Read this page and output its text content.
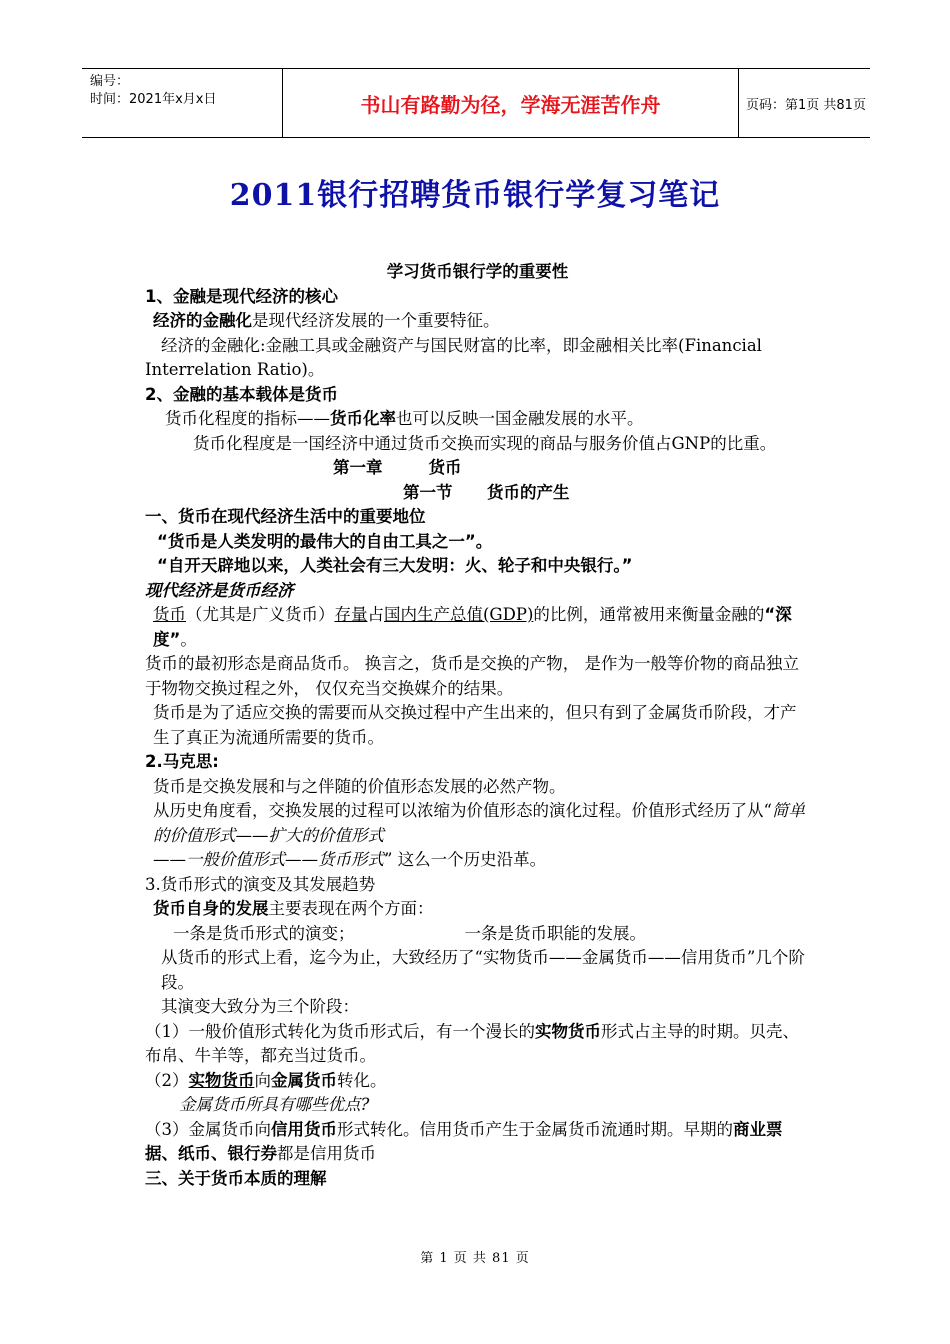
编号：
时间：2021年x月x日	书山有路勤为径，学海无涯苦作舟	页码：第1页 共81页
2011银行招聘货币银行学复习笔记

学习货币银行学的重要性

1、金融是现代经济的核心

经济的金融化是现代经济发展的一个重要特征。

经济的金融化:金融工具或金融资产与国民财富的比率，即金融相关比率(Financial Interrelation Ratio)。

2、金融的基本载体是货币

货币化程度的指标——货币化率也可以反映一国金融发展的水平。

货币化程度是一国经济中通过货币交换而实现的商品与服务价值占GNP的比重。

第一章        货币

第一节      货币的产生

一、货币在现代经济生活中的重要地位

“货币是人类发明的最伟大的自由工具之一”。

“自开天辟地以来，人类社会有三大发明：火、轮子和中央银行。”

现代经济是货币经济

货币（尤其是广义货币）存量占国内生产总值(GDP)的比例，通常被用来衡量金融的“深度”。

货币的最初形态是商品货币。 换言之，货币是交换的产物， 是作为一般等价物的商品独立于物物交换过程之外， 仅仅充当交换媒介的结果。

货币是为了适应交换的需要而从交换过程中产生出来的，但只有到了金属货币阶段，才产生了真正为流通所需要的货币。

2.马克思:

货币是交换发展和与之伴随的价值形态发展的必然产物。

从历史角度看，交换发展的过程可以浓缩为价值形态的演化过程。价值形式经历了从“简单的价值形式——扩大的价值形式
——一般价值形式——货币形式” 这么一个历史沿革。

3.货币形式的演变及其发展趋势

货币自身的发展主要表现在两个方面：

一条是货币形式的演变；	一条是货币职能的发展。

从货币的形式上看，迄今为止，大致经历了“实物货币——金属货币——信用货币”几个阶段。

其演变大致分为三个阶段：

（1）一般价值形式转化为货币形式后，有一个漫长的实物货币形式占主导的时期。贝壳、布帛、牛羊等，都充当过货币。

（2）实物货币向金属货币转化。

金属货币所具有哪些优点?

（3）金属货币向信用货币形式转化。信用货币产生于金属货币流通时期。早期的商业票据、纸币、银行券都是信用货币

三、关于货币本质的理解

第 1 页 共 81 页
